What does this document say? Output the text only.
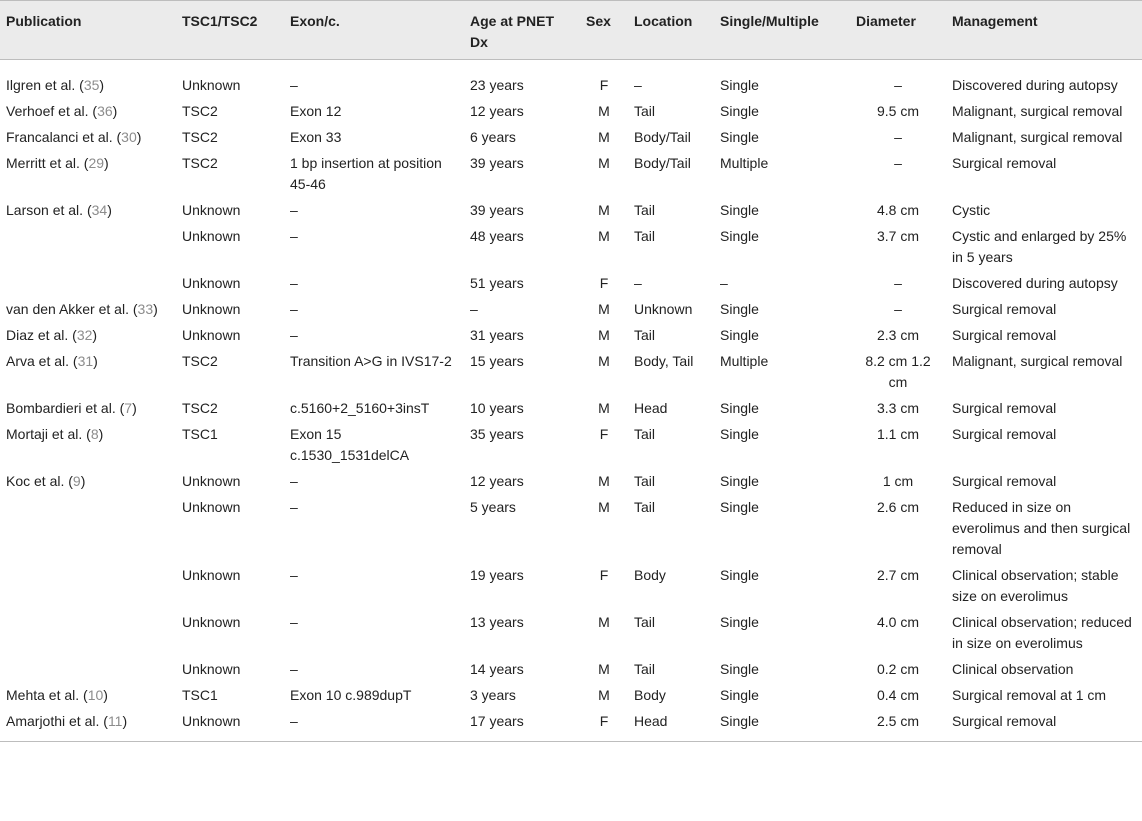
Publication	TSC1/TSC2	Exon/c.	Age at PNET Dx	Sex	Location	Single/Multiple	Diameter	Management
Ilgren et al. (35)	Unknown	–	23 years	F	–	Single	–	Discovered during autopsy
Verhoef et al. (36)	TSC2	Exon 12	12 years	M	Tail	Single	9.5 cm	Malignant, surgical removal
Francalanci et al. (30)	TSC2	Exon 33	6 years	M	Body/Tail	Single	–	Malignant, surgical removal
Merritt et al. (29)	TSC2	1 bp insertion at position 45-46	39 years	M	Body/Tail	Multiple	–	Surgical removal
Larson et al. (34)	Unknown	–	39 years	M	Tail	Single	4.8 cm	Cystic
	Unknown	–	48 years	M	Tail	Single	3.7 cm	Cystic and enlarged by 25% in 5 years
	Unknown	–	51 years	F	–	–	–	Discovered during autopsy
van den Akker et al. (33)	Unknown	–	–	M	Unknown	Single	–	Surgical removal
Diaz et al. (32)	Unknown	–	31 years	M	Tail	Single	2.3 cm	Surgical removal
Arva et al. (31)	TSC2	Transition A>G in IVS17-2	15 years	M	Body, Tail	Multiple	8.2 cm 1.2 cm	Malignant, surgical removal
Bombardieri et al. (7)	TSC2	c.5160+2_5160+3insT	10 years	M	Head	Single	3.3 cm	Surgical removal
Mortaji et al. (8)	TSC1	Exon 15 c.1530_1531delCA	35 years	F	Tail	Single	1.1 cm	Surgical removal
Koc et al. (9)	Unknown	–	12 years	M	Tail	Single	1 cm	Surgical removal
	Unknown	–	5 years	M	Tail	Single	2.6 cm	Reduced in size on everolimus and then surgical removal
	Unknown	–	19 years	F	Body	Single	2.7 cm	Clinical observation; stable size on everolimus
	Unknown	–	13 years	M	Tail	Single	4.0 cm	Clinical observation; reduced in size on everolimus
	Unknown	–	14 years	M	Tail	Single	0.2 cm	Clinical observation
Mehta et al. (10)	TSC1	Exon 10 c.989dupT	3 years	M	Body	Single	0.4 cm	Surgical removal at 1 cm
Amarjothi et al. (11)	Unknown	–	17 years	F	Head	Single	2.5 cm	Surgical removal
